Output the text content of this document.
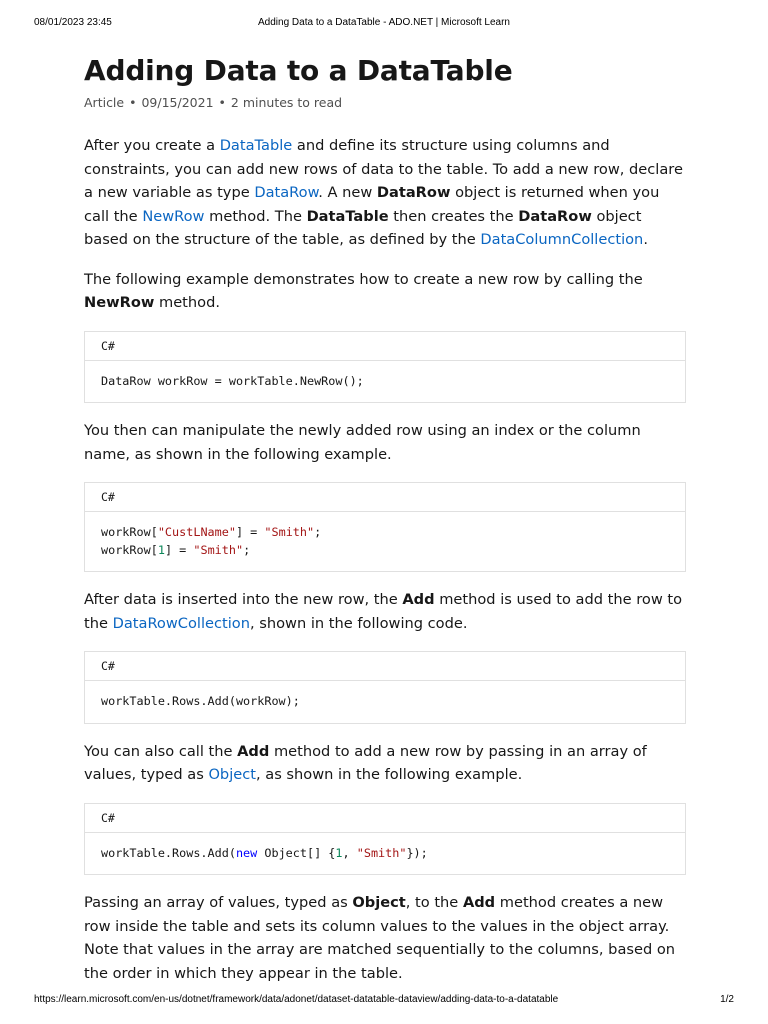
08/01/2023 23:45	Adding Data to a DataTable - ADO.NET | Microsoft Learn
Adding Data to a DataTable
Article • 09/15/2021 • 2 minutes to read

After you create a DataTable and define its structure using columns and constraints, you can add new rows of data to the table. To add a new row, declare a new variable as type DataRow. A new DataRow object is returned when you call the NewRow method. The DataTable then creates the DataRow object based on the structure of the table, as defined by the DataColumnCollection.

The following example demonstrates how to create a new row by calling the NewRow method.

C#
DataRow workRow = workTable.NewRow();

You then can manipulate the newly added row using an index or the column name, as shown in the following example.

C#
workRow["CustLName"] = "Smith";
workRow[1] = "Smith";

After data is inserted into the new row, the Add method is used to add the row to the DataRowCollection, shown in the following code.

C#
workTable.Rows.Add(workRow);

You can also call the Add method to add a new row by passing in an array of values, typed as Object, as shown in the following example.

C#
workTable.Rows.Add(new Object[] {1, "Smith"});

Passing an array of values, typed as Object, to the Add method creates a new row inside the table and sets its column values to the values in the object array. Note that values in the array are matched sequentially to the columns, based on the order in which they appear in the table.

https://learn.microsoft.com/en-us/dotnet/framework/data/adonet/dataset-datatable-dataview/adding-data-to-a-datatable	1/2
